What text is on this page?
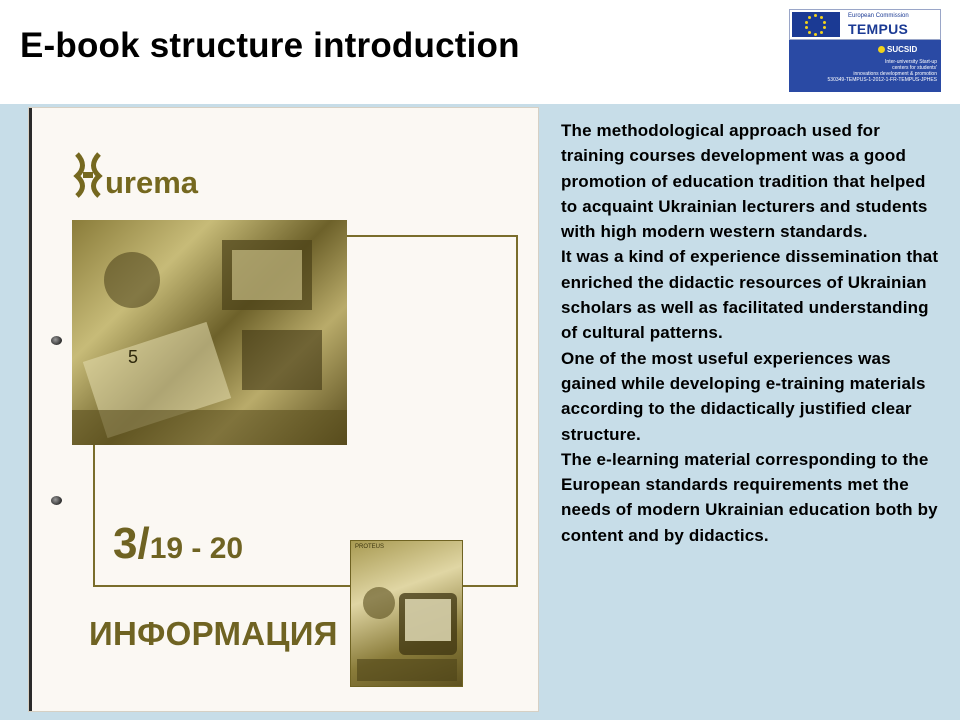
E-book structure introduction
European Commission
TEMPUS
SUCSID
Inter-university Start-up
centers for students'
innovations development & promotion
530349-TEMPUS-1-2012-1-FR-TEMPUS-JPHES
urema
5
3/19 - 20
ИНФОРМАЦИЯ
PROTEUS

The methodological approach used for training courses development was a good promotion of education tradition that helped to acquaint Ukrainian lecturers and students with high modern western standards.

It was a kind of experience dissemination that enriched the didactic resources of Ukrainian scholars as well as facilitated understanding of cultural patterns.

One of the most useful experiences was gained while developing e-training materials according to the didactically justified clear structure.

The e-learning material corresponding to the European standards requirements met the needs of modern Ukrainian education both by content and by didactics.
